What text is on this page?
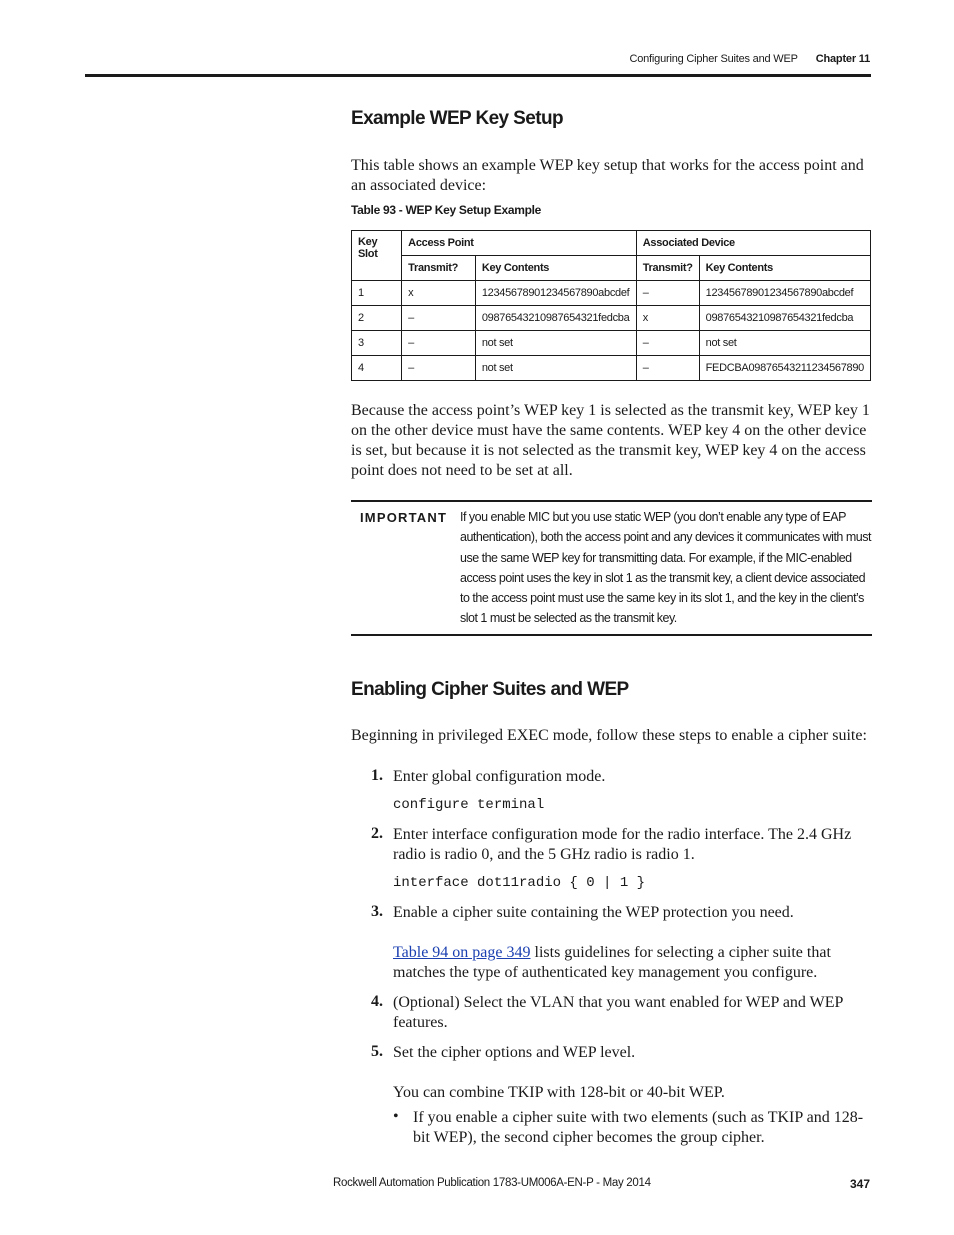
Configuring Cipher Suites and WEP Chapter 11
Example WEP Key Setup
This table shows an example WEP key setup that works for the access point and an associated device:
Table 93 - WEP Key Setup Example
Key Slot	Access Point		Associated Device	
	Transmit?	Key Contents	Transmit?	Key Contents
1	x	12345678901234567890abcdef	–	12345678901234567890abcdef
2	–	09876543210987654321fedcba	x	09876543210987654321fedcba
3	–	not set	–	not set
4	–	not set	–	FEDCBA09876543211234567890
Because the access point’s WEP key 1 is selected as the transmit key, WEP key 1 on the other device must have the same contents. WEP key 4 on the other device is set, but because it is not selected as the transmit key, WEP key 4 on the access point does not need to be set at all.
IMPORTANT If you enable MIC but you use static WEP (you don’t enable any type of EAP authentication), both the access point and any devices it communicates with must use the same WEP key for transmitting data. For example, if the MIC-enabled access point uses the key in slot 1 as the transmit key, a client device associated to the access point must use the same key in its slot 1, and the key in the client’s slot 1 must be selected as the transmit key.
Enabling Cipher Suites and WEP
Beginning in privileged EXEC mode, follow these steps to enable a cipher suite:
1. Enter global configuration mode.
configure terminal
2. Enter interface configuration mode for the radio interface. The 2.4 GHz radio is radio 0, and the 5 GHz radio is radio 1.
interface dot11radio { 0 | 1 }
3. Enable a cipher suite containing the WEP protection you need.
Table 94 on page 349 lists guidelines for selecting a cipher suite that matches the type of authenticated key management you configure.
4. (Optional) Select the VLAN that you want enabled for WEP and WEP features.
5. Set the cipher options and WEP level.
You can combine TKIP with 128-bit or 40-bit WEP.
• If you enable a cipher suite with two elements (such as TKIP and 128-bit WEP), the second cipher becomes the group cipher.
Rockwell Automation Publication 1783-UM006A-EN-P - May 2014	347
